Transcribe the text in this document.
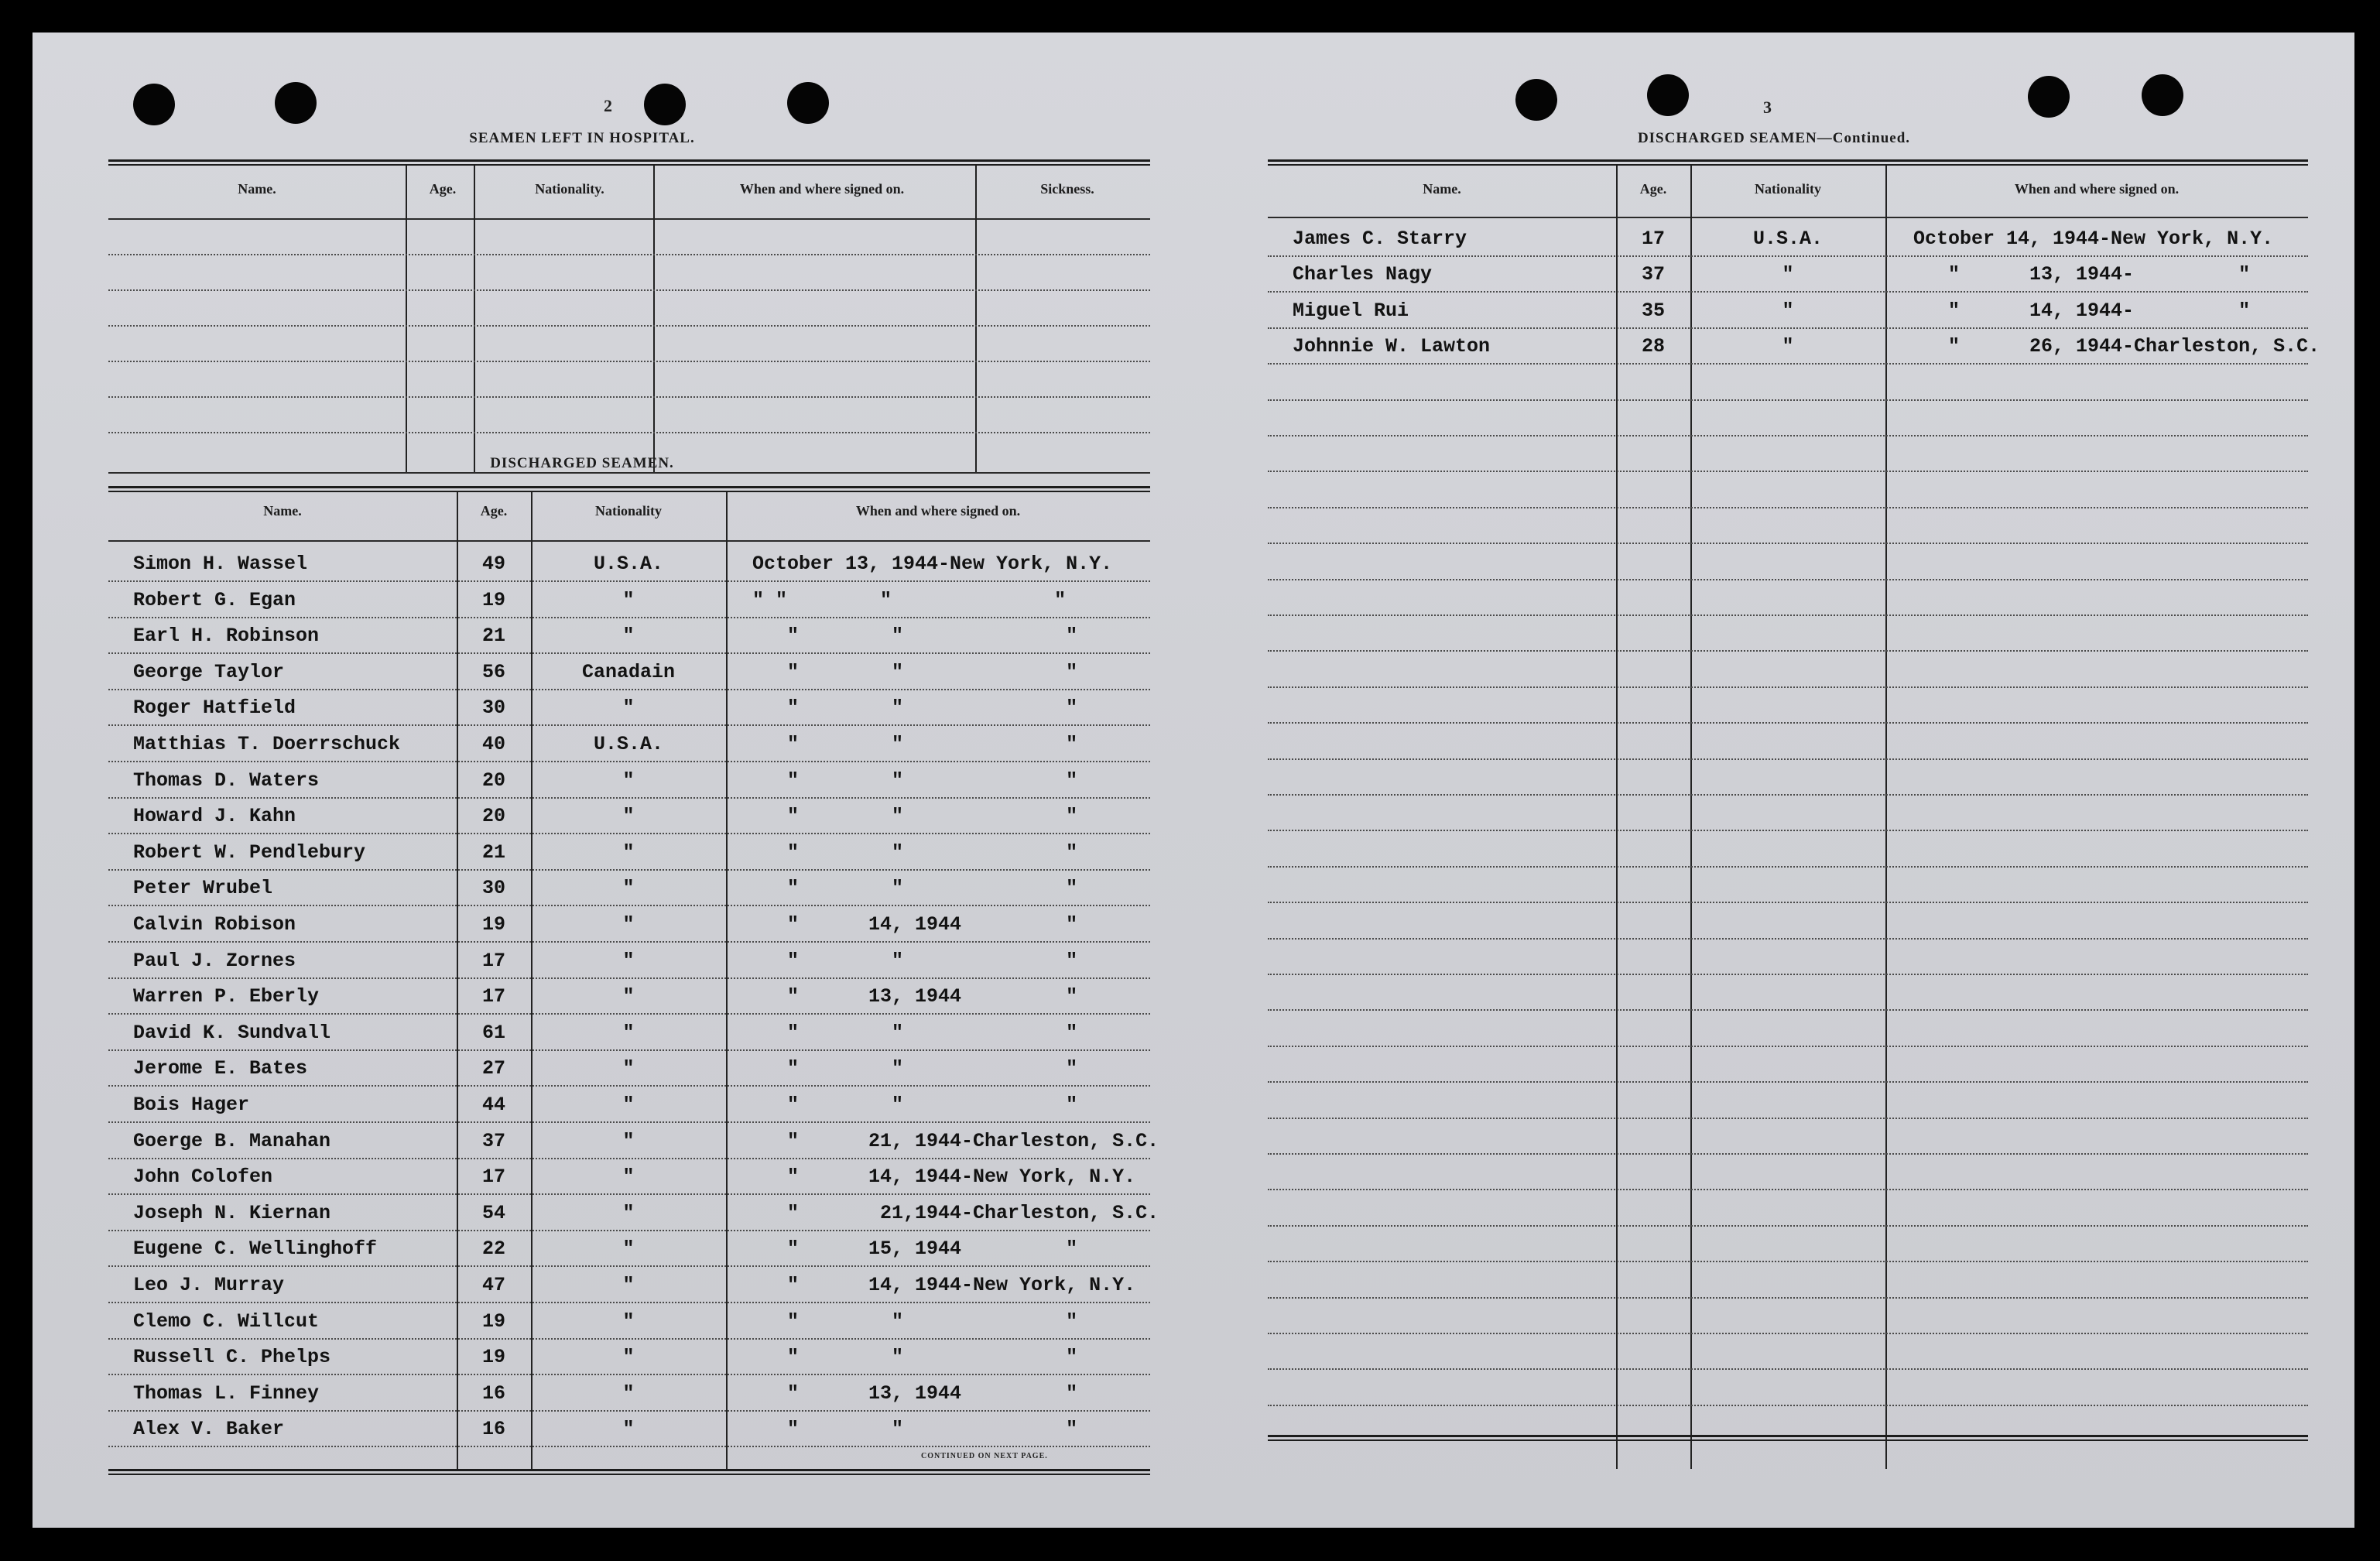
2
SEAMEN LEFT IN HOSPITAL.
Name.	Age.	Nationality.	When and where signed on.	Sickness.
DISCHARGED SEAMEN.
Name.	Age.	Nationality	When and where signed on.
CONTINUED ON NEXT PAGE.
3
DISCHARGED SEAMEN—Continued.
Name.	Age.	Nationality	When and where signed on.
Simon H. Wassel	49	U.S.A.	October 13, 1944-New York, N.Y.
Robert G. Egan	19	"	" "        "              "
Earl H. Robinson	21	"	"        "              "
George Taylor	56	Canadain	"        "              "
Roger Hatfield	30	"	"        "              "
Matthias T. Doerrschuck	40	U.S.A.	"        "              "
Thomas D. Waters	20	"	"        "              "
Howard J. Kahn	20	"	"        "              "
Robert W. Pendlebury	21	"	"        "              "
Peter Wrubel	30	"	"        "              "
Calvin Robison	19	"	"      14, 1944         "
Paul J. Zornes	17	"	"        "              "
Warren P. Eberly	17	"	"      13, 1944         "
David K. Sundvall	61	"	"        "              "
Jerome E. Bates	27	"	"        "              "
Bois Hager	44	"	"        "              "
Goerge B. Manahan	37	"	"      21, 1944-Charleston, S.C.
John Colofen	17	"	"      14, 1944-New York, N.Y.
Joseph N. Kiernan	54	"	"       21,1944-Charleston, S.C.
Eugene C. Wellinghoff	22	"	"      15, 1944         "
Leo J. Murray	47	"	"      14, 1944-New York, N.Y.
Clemo C. Willcut	19	"	"        "              "
Russell C. Phelps	19	"	"        "              "
Thomas L. Finney	16	"	"      13, 1944         "
Alex V. Baker	16	"	"        "              "
James C. Starry	17	U.S.A.	October 14, 1944-New York, N.Y.
Charles Nagy	37	"	"      13, 1944-         "
Miguel Rui	35	"	"      14, 1944-         "
Johnnie W. Lawton	28	"	"      26, 1944-Charleston, S.C.
